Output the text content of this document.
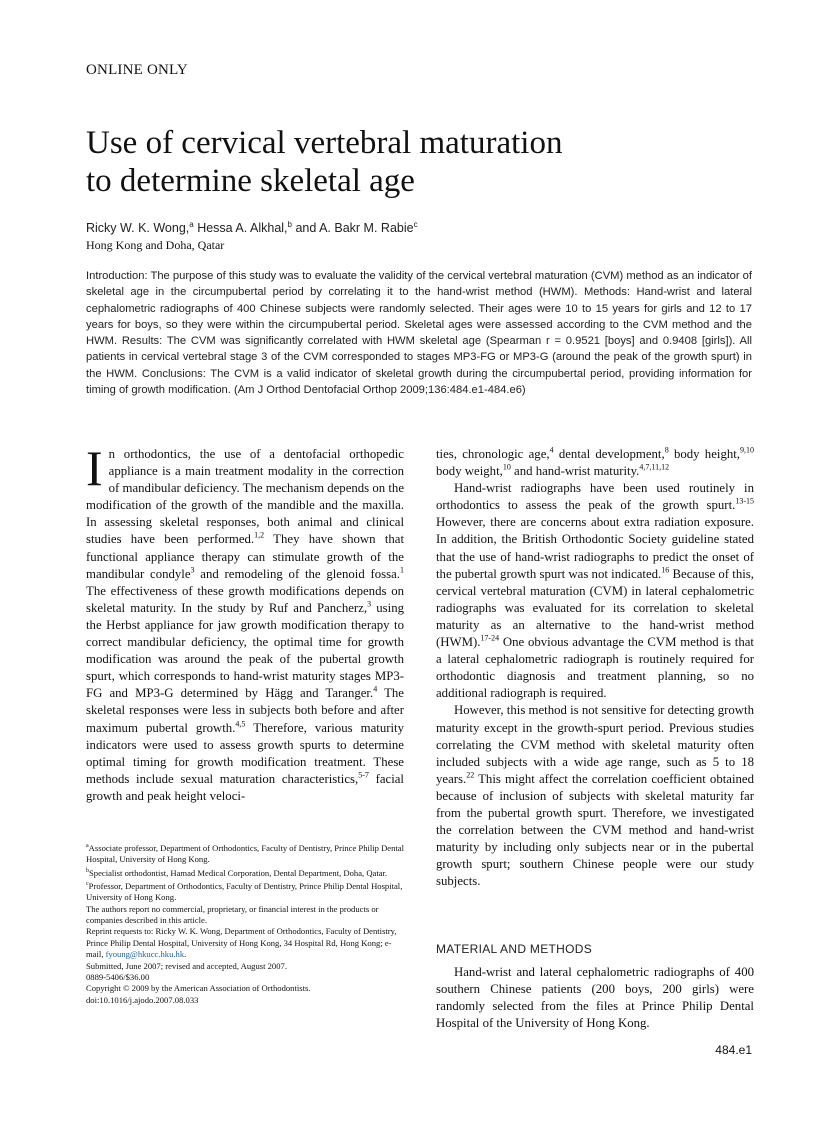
ONLINE ONLY
Use of cervical vertebral maturation
to determine skeletal age
Ricky W. K. Wong,$^a$ Hessa A. Alkhal,$^b$ and A. Bakr M. Rabie$^c$
Hong Kong and Doha, Qatar
Introduction: The purpose of this study was to evaluate the validity of the cervical vertebral maturation (CVM) method as an indicator of skeletal age in the circumpubertal period by correlating it to the hand-wrist method (HWM). Methods: Hand-wrist and lateral cephalometric radiographs of 400 Chinese subjects were randomly selected. Their ages were 10 to 15 years for girls and 12 to 17 years for boys, so they were within the circumpubertal period. Skeletal ages were assessed according to the CVM method and the HWM. Results: The CVM was significantly correlated with HWM skeletal age (Spearman r = 0.9521 [boys] and 0.9408 [girls]). All patients in cervical vertebral stage 3 of the CVM corresponded to stages MP3-FG or MP3-G (around the peak of the growth spurt) in the HWM. Conclusions: The CVM is a valid indicator of skeletal growth during the circumpubertal period, providing information for timing of growth modification. (Am J Orthod Dentofacial Orthop 2009;136:484.e1-484.e6)

In orthodontics, the use of a dentofacial orthopedic appliance is a main treatment modality in the correction of mandibular deficiency. The mechanism depends on the modification of the growth of the mandible and the maxilla. In assessing skeletal responses, both animal and clinical studies have been performed.$^{1,2}$ They have shown that functional appliance therapy can stimulate growth of the mandibular condyle$^3$ and remodeling of the glenoid fossa.$^1$ The effectiveness of these growth modifications depends on skeletal maturity. In the study by Ruf and Pancherz,$^3$ using the Herbst appliance for jaw growth modification therapy to correct mandibular deficiency, the optimal time for growth modification was around the peak of the pubertal growth spurt, which corresponds to hand-wrist maturity stages MP3-FG and MP3-G determined by Hägg and Taranger.$^4$ The skeletal responses were less in subjects both before and after maximum pubertal growth.$^{4,5}$ Therefore, various maturity indicators were used to assess growth spurts to determine optimal timing for growth modification treatment. These methods include sexual maturation characteristics,$^{5-7}$ facial growth and peak height veloci-

$^a$Associate professor, Department of Orthodontics, Faculty of Dentistry, Prince Philip Dental Hospital, University of Hong Kong.

$^b$Specialist orthodontist, Hamad Medical Corporation, Dental Department, Doha, Qatar.

$^c$Professor, Department of Orthodontics, Faculty of Dentistry, Prince Philip Dental Hospital, University of Hong Kong.

The authors report no commercial, proprietary, or financial interest in the products or companies described in this article.

Reprint requests to: Ricky W. K. Wong, Department of Orthodontics, Faculty of Dentistry, Prince Philip Dental Hospital, University of Hong Kong, 34 Hospital Rd, Hong Kong; e-mail, fyoung@hkucc.hku.hk.

Submitted, June 2007; revised and accepted, August 2007.

0889-5406/$36.00

Copyright © 2009 by the American Association of Orthodontists.

doi:10.1016/j.ajodo.2007.08.033

ties, chronologic age,$^4$ dental development,$^8$ body height,$^{9,10}$ body weight,$^{10}$ and hand-wrist maturity.$^{4,7,11,12}$

Hand-wrist radiographs have been used routinely in orthodontics to assess the peak of the growth spurt.$^{13-15}$ However, there are concerns about extra radiation exposure. In addition, the British Orthodontic Society guideline stated that the use of hand-wrist radiographs to predict the onset of the pubertal growth spurt was not indicated.$^{16}$ Because of this, cervical vertebral maturation (CVM) in lateral cephalometric radiographs was evaluated for its correlation to skeletal maturity as an alternative to the hand-wrist method (HWM).$^{17-24}$ One obvious advantage the CVM method is that a lateral cephalometric radiograph is routinely required for orthodontic diagnosis and treatment planning, so no additional radiograph is required.

However, this method is not sensitive for detecting growth maturity except in the growth-spurt period. Previous studies correlating the CVM method with skeletal maturity often included subjects with a wide age range, such as 5 to 18 years.$^{22}$ This might affect the correlation coefficient obtained because of inclusion of subjects with skeletal maturity far from the pubertal growth spurt. Therefore, we investigated the correlation between the CVM method and hand-wrist maturity by including only subjects near or in the pubertal growth spurt; southern Chinese people were our study subjects.

MATERIAL AND METHODS

Hand-wrist and lateral cephalometric radiographs of 400 southern Chinese patients (200 boys, 200 girls) were randomly selected from the files at Prince Philip Dental Hospital of the University of Hong Kong.

484.e1
